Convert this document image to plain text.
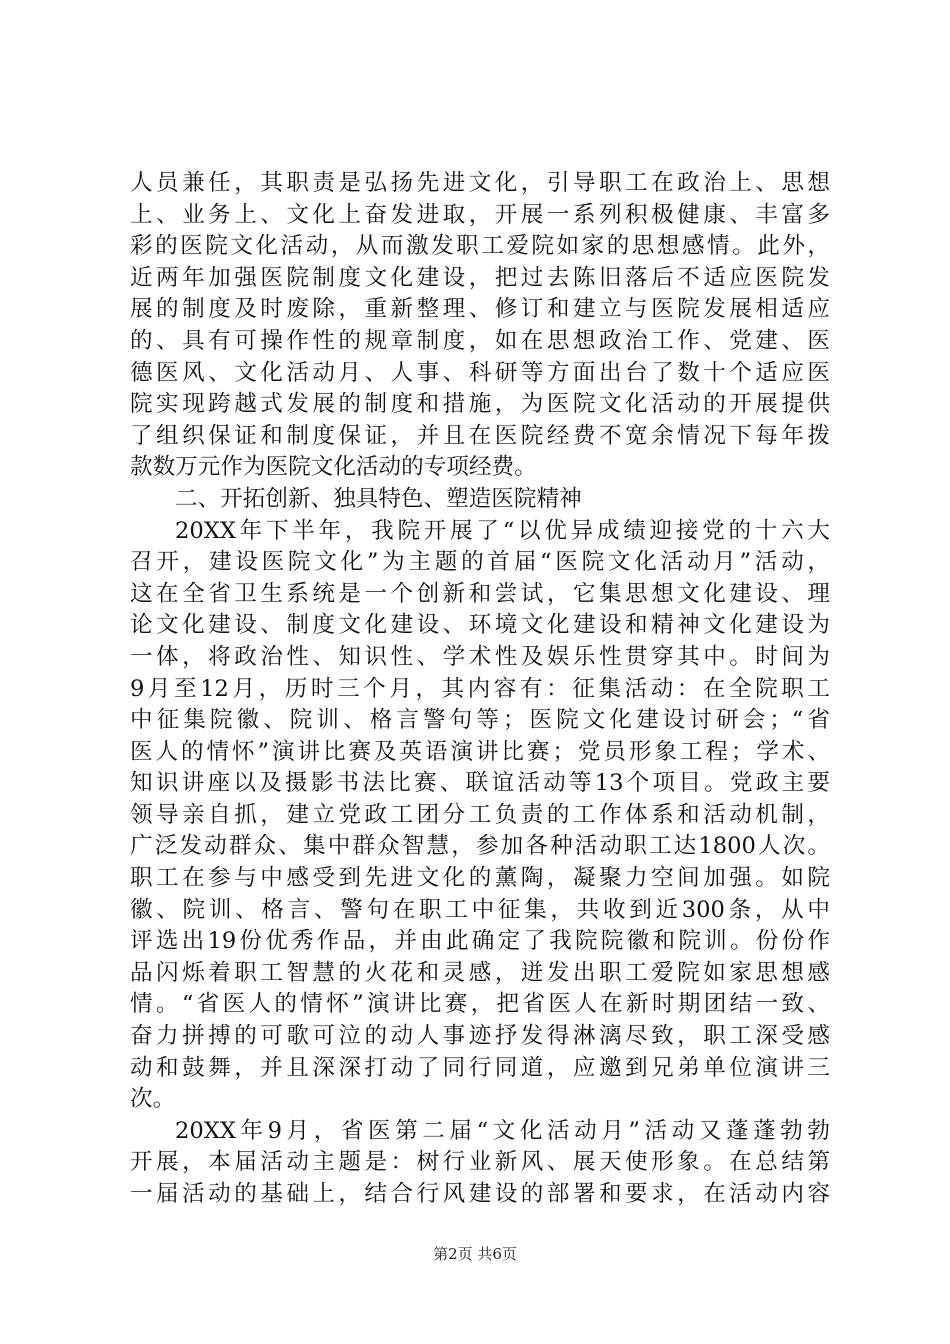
人员兼任，其职责是弘扬先进文化，引导职工在政治上、思想
上、业务上、文化上奋发进取，开展一系列积极健康、丰富多
彩的医院文化活动，从而激发职工爱院如家的思想感情。此外，
近两年加强医院制度文化建设，把过去陈旧落后不适应医院发
展的制度及时废除，重新整理、修订和建立与医院发展相适应
的、具有可操作性的规章制度，如在思想政治工作、党建、医
德医风、文化活动月、人事、科研等方面出台了数十个适应医
院实现跨越式发展的制度和措施，为医院文化活动的开展提供
了组织保证和制度保证，并且在医院经费不宽余情况下每年拨
款数万元作为医院文化活动的专项经费。
二、开拓创新、独具特色、塑造医院精神
20XX年下半年，我院开展了“以优异成绩迎接党的十六大
召开，建设医院文化”为主题的首届“医院文化活动月”活动，
这在全省卫生系统是一个创新和尝试，它集思想文化建设、理
论文化建设、制度文化建设、环境文化建设和精神文化建设为
一体，将政治性、知识性、学术性及娱乐性贯穿其中。时间为
9月至12月，历时三个月，其内容有：征集活动：在全院职工
中征集院徽、院训、格言警句等；医院文化建设讨研会；“省
医人的情怀”演讲比赛及英语演讲比赛；党员形象工程；学术、
知识讲座以及摄影书法比赛、联谊活动等13个项目。党政主要
领导亲自抓，建立党政工团分工负责的工作体系和活动机制，
广泛发动群众、集中群众智慧，参加各种活动职工达1800人次。
职工在参与中感受到先进文化的薰陶，凝聚力空间加强。如院
徽、院训、格言、警句在职工中征集，共收到近300条，从中
评选出19份优秀作品，并由此确定了我院院徽和院训。份份作
品闪烁着职工智慧的火花和灵感，迸发出职工爱院如家思想感
情。“省医人的情怀”演讲比赛，把省医人在新时期团结一致、
奋力拼搏的可歌可泣的动人事迹抒发得淋漓尽致，职工深受感
动和鼓舞，并且深深打动了同行同道，应邀到兄弟单位演讲三
次。
20XX年9月，省医第二届“文化活动月”活动又蓬蓬勃勃
开展，本届活动主题是：树行业新风、展天使形象。在总结第
一届活动的基础上，结合行风建设的部署和要求，在活动内容
第2页 共6页
